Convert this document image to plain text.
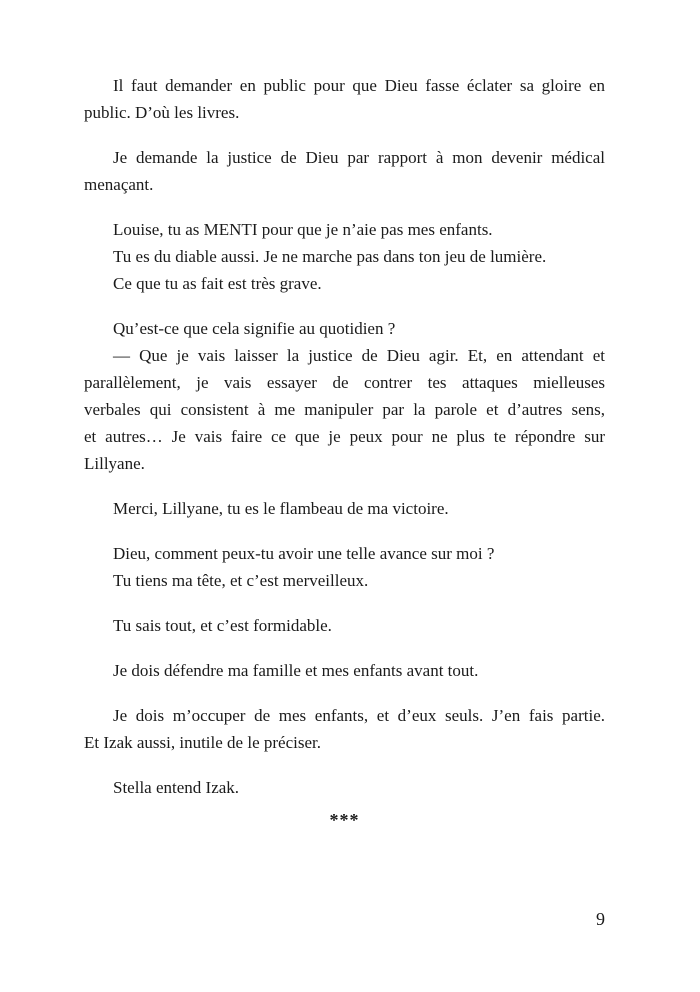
Il faut demander en public pour que Dieu fasse éclater sa gloire en
public. D’où les livres.
Je demande la justice de Dieu par rapport à mon devenir médical
menaçant.
Louise, tu as MENTI pour que je n’aie pas mes enfants.
Tu es du diable aussi. Je ne marche pas dans ton jeu de lumière.
Ce que tu as fait est très grave.
Qu’est-ce que cela signifie au quotidien ?
— Que je vais laisser la justice de Dieu agir. Et, en attendant et
parallèlement, je vais essayer de contrer tes attaques mielleuses
verbales qui consistent à me manipuler par la parole et d’autres sens,
et autres… Je vais faire ce que je peux pour ne plus te répondre sur
Lillyane.
Merci, Lillyane, tu es le flambeau de ma victoire.
Dieu, comment peux-tu avoir une telle avance sur moi ?
Tu tiens ma tête, et c’est merveilleux.
Tu sais tout, et c’est formidable.
Je dois défendre ma famille et mes enfants avant tout.
Je dois m’occuper de mes enfants, et d’eux seuls. J’en fais partie.
Et Izak aussi, inutile de le préciser.
Stella entend Izak.
***
9
